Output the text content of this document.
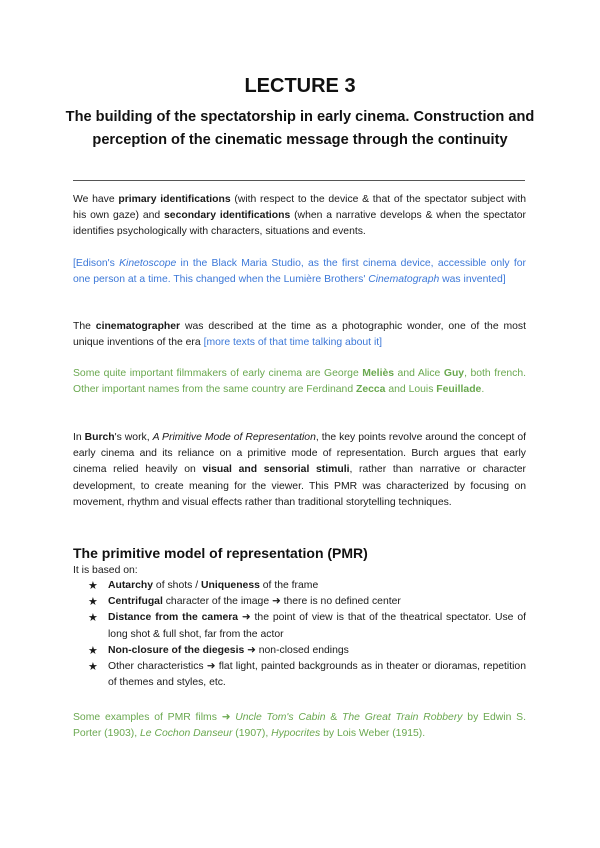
LECTURE 3
The building of the spectatorship in early cinema. Construction and perception of the cinematic message through the continuity

We have primary identifications (with respect to the device & that of the spectator subject with his own gaze) and secondary identifications (when a narrative develops & when the spectator identifies psychologically with characters, situations and events.

[Edison's Kinetoscope in the Black Maria Studio, as the first cinema device, accessible only for one person at a time. This changed when the Lumière Brothers' Cinematograph was invented]

The cinematographer was described at the time as a photographic wonder, one of the most unique inventions of the era [more texts of that time talking about it]

Some quite important filmmakers of early cinema are George Meliès and Alice Guy, both french. Other important names from the same country are Ferdinand Zecca and Louis Feuillade.

In Burch's work, A Primitive Mode of Representation, the key points revolve around the concept of early cinema and its reliance on a primitive mode of representation. Burch argues that early cinema relied heavily on visual and sensorial stimuli, rather than narrative or character development, to create meaning for the viewer. This PMR was characterized by focusing on movement, rhythm and visual effects rather than traditional storytelling techniques.

The primitive model of representation (PMR)
It is based on:
★ Autarchy of shots / Uniqueness of the frame
★ Centrifugal character of the image ➜ there is no defined center
★ Distance from the camera ➜ the point of view is that of the theatrical spectator. Use of long shot & full shot, far from the actor
★ Non-closure of the diegesis ➜ non-closed endings
★ Other characteristics ➜ flat light, painted backgrounds as in theater or dioramas, repetition of themes and styles, etc.

Some examples of PMR films ➜ Uncle Tom's Cabin & The Great Train Robbery by Edwin S. Porter (1903), Le Cochon Danseur (1907), Hypocrites by Lois Weber (1915).
